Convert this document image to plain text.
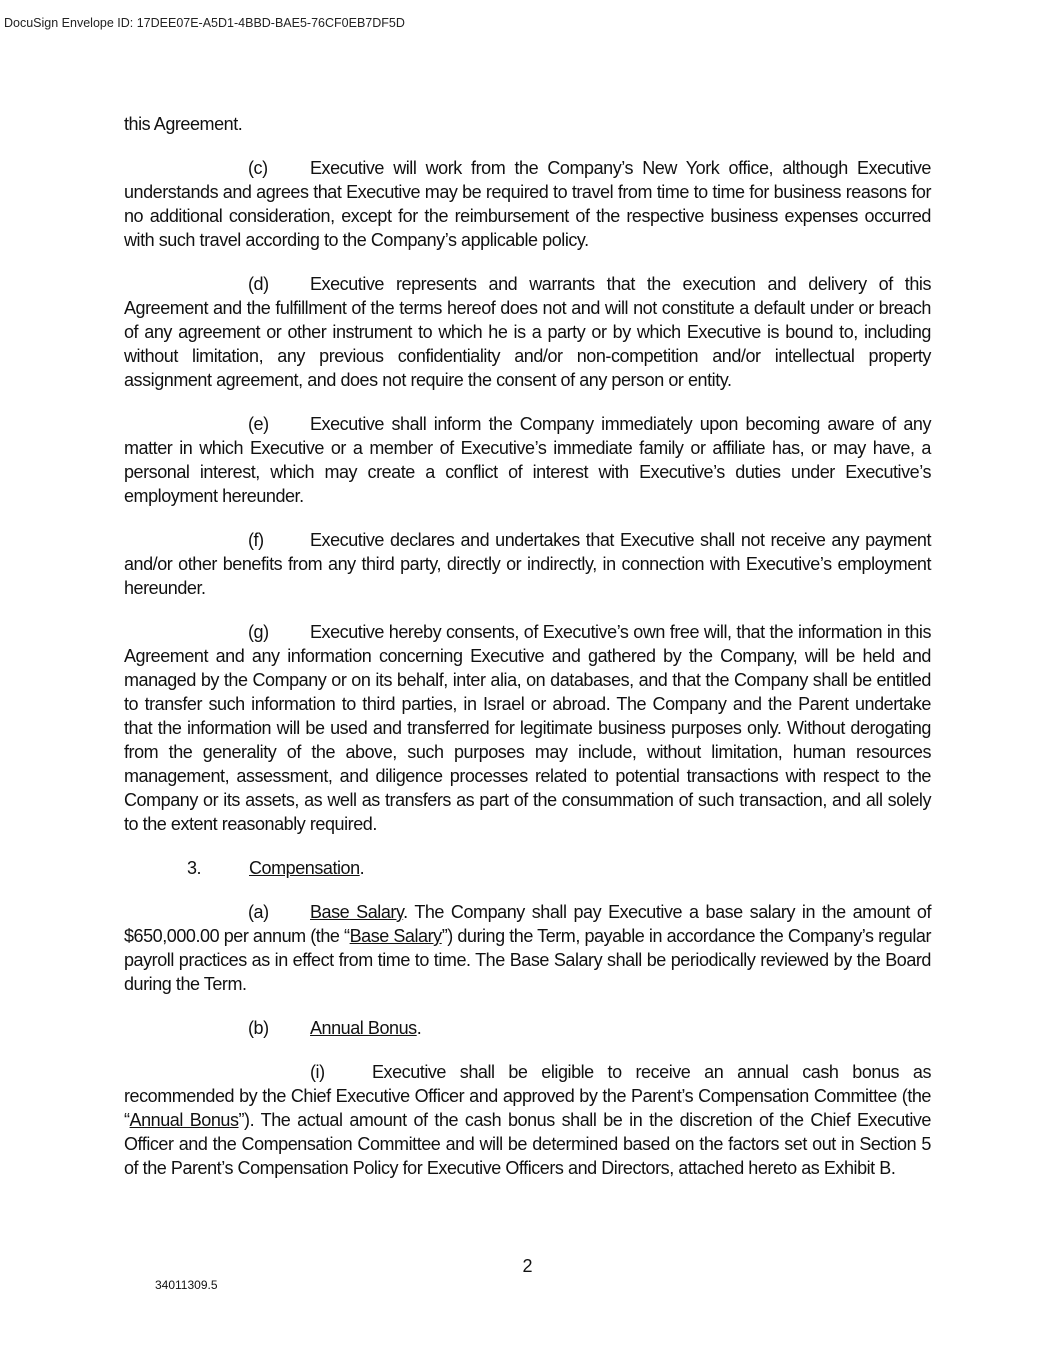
DocuSign Envelope ID: 17DEE07E-A5D1-4BBD-BAE5-76CF0EB7DF5D

this Agreement.

(c) Executive will work from the Company’s New York office, although Executive understands and agrees that Executive may be required to travel from time to time for business reasons for no additional consideration, except for the reimbursement of the respective business expenses occurred with such travel according to the Company’s applicable policy.

(d) Executive represents and warrants that the execution and delivery of this Agreement and the fulfillment of the terms hereof does not and will not constitute a default under or breach of any agreement or other instrument to which he is a party or by which Executive is bound to, including without limitation, any previous confidentiality and/or non-competition and/or intellectual property assignment agreement, and does not require the consent of any person or entity.

(e) Executive shall inform the Company immediately upon becoming aware of any matter in which Executive or a member of Executive’s immediate family or affiliate has, or may have, a personal interest, which may create a conflict of interest with Executive’s duties under Executive’s employment hereunder.

(f)	Executive declares and undertakes that Executive shall not receive any payment and/or other benefits from any third party, directly or indirectly, in connection with Executive’s employment hereunder.

(g) Executive hereby consents, of Executive’s own free will, that the information in this Agreement and any information concerning Executive and gathered by the Company, will be held and managed by the Company or on its behalf, inter alia, on databases, and that the Company shall be entitled to transfer such information to third parties, in Israel or abroad. The Company and the Parent undertake that the information will be used and transferred for legitimate business purposes only. Without derogating from the generality of the above, such purposes may include, without limitation, human resources management, assessment, and diligence processes related to potential transactions with respect to the Company or its assets, as well as transfers as part of the consummation of such transaction, and all solely to the extent reasonably required.

3.	Compensation.

(a) Base Salary. The Company shall pay Executive a base salary in the amount of $650,000.00 per annum (the “Base Salary”) during the Term, payable in accordance the Company’s regular payroll practices as in effect from time to time. The Base Salary shall be periodically reviewed by the Board during the Term.

(b) Annual Bonus.

(i)	Executive shall be eligible to receive an annual cash bonus as recommended by the Chief Executive Officer and approved by the Parent’s Compensation Committee (the “Annual Bonus”). The actual amount of the cash bonus shall be in the discretion of the Chief Executive Officer and the Compensation Committee and will be determined based on the factors set out in Section 5 of the Parent’s Compensation Policy for Executive Officers and Directors, attached hereto as Exhibit B.

2
34011309.5
